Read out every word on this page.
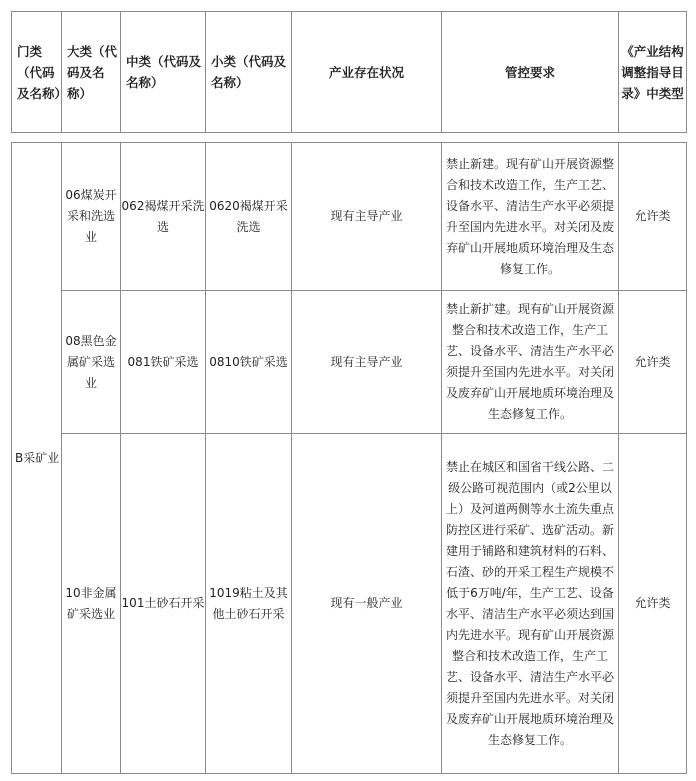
门类（代码及名称）	大类（代码及名称）	中类（代码及名称）	小类（代码及名称）	产业存在状况	管控要求	《产业结构调整指导目录》中类型
B采矿业	06煤炭开采和洗选业	062褐煤开采洗选	0620褐煤开采洗选	现有主导产业	禁止新建。现有矿山开展资源整合和技术改造工作，生产工艺、设备水平、清洁生产水平必须提升至国内先进水平。对关闭及废弃矿山开展地质环境治理及生态修复工作。	允许类
	08黑色金属矿采选业	081铁矿采选	0810铁矿采选	现有主导产业	禁止新扩建。现有矿山开展资源整合和技术改造工作，生产工艺、设备水平、清洁生产水平必须提升至国内先进水平。对关闭及废弃矿山开展地质环境治理及生态修复工作。	允许类
	10非金属矿采选业	101土砂石开采	1019粘土及其他土砂石开采	现有一般产业	禁止在城区和国省干线公路、二级公路可视范围内（或2公里以上）及河道两侧等水土流失重点防控区进行采矿、选矿活动。新建用于铺路和建筑材料的石料、石渣、砂的开采工程生产规模不低于6万吨/年，生产工艺、设备水平、清洁生产水平必须达到国内先进水平。现有矿山开展资源整合和技术改造工作，生产工艺、设备水平、清洁生产水平必须提升至国内先进水平。对关闭及废弃矿山开展地质环境治理及生态修复工作。	允许类
